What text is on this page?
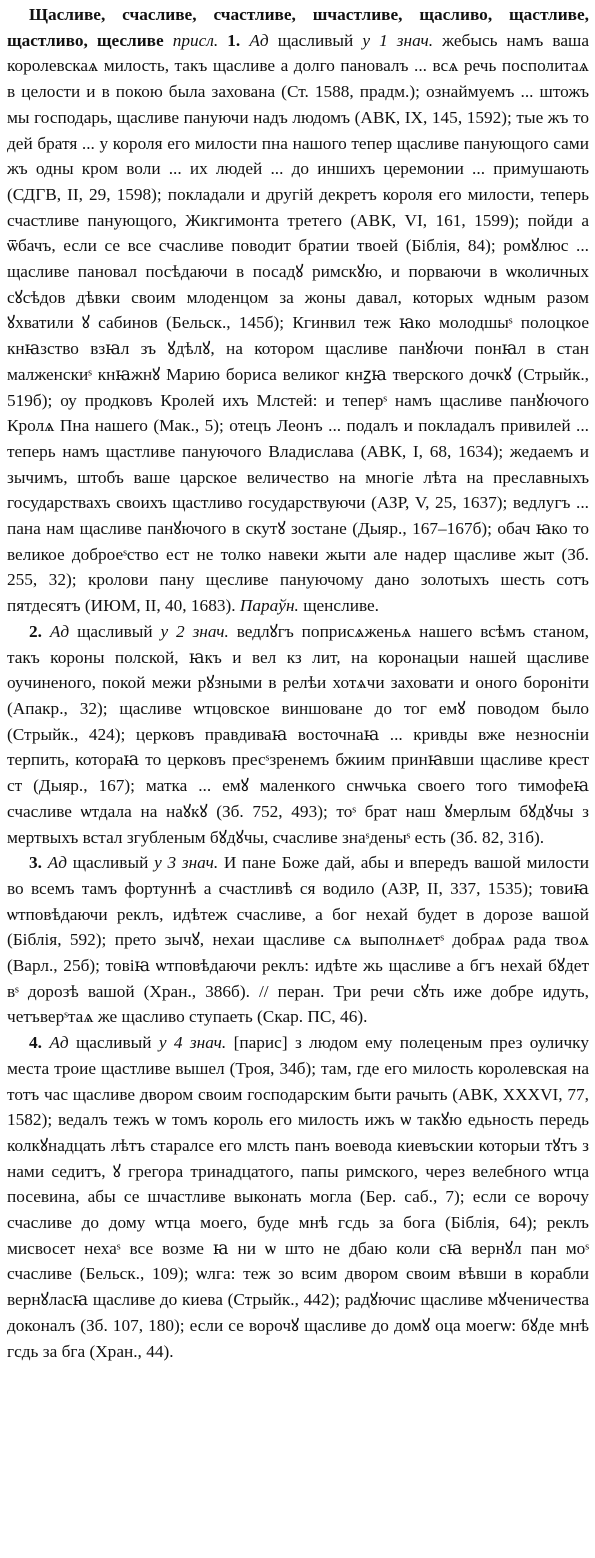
Щасливе, счасливе, счастливе, шчастливе, щасливо, щастливе, щастливо, щесливе присл. 1. Ад щасливый у 1 знач. жебысь намъ ваша королевскаѧ милость, такъ щасливе а долго пановалъ ... всѧ речь посполитаѧ в целости и в покою была захована (Ст. 1588, прадм.); ознаймуемъ ... штожъ мы господарь, щасливе пануючи надъ людомъ (АВК, IX, 145, 1592); тые жъ то дей братя ... у короля его милости пна нашого тепер щасливе панующого сами жъ одны кром воли ... их людей ... до иншихъ церемонии ... примушають (СДГВ, II, 29, 1598); покладали и другій декретъ короля его милости, теперь счастливе панующого, Жикгимонта третего (АВК, VI, 161, 1599); пойди а ѿбачъ, если се все счасливе поводит братии твоей (Біблія, 84); ромꙋлюс ... щасливе пановал посѣдаючи в посадꙋ римскꙋю, и порваючи в ѡколичных сꙋсѣдов дѣвки своим млоденцом за жоны давал, которых ѡдным разом ꙋхватили ꙋ сабинов (Бельск., 145б); Кгинвил теж ꙗко молодшыˢ полоцкое кнꙗзство взꙗл зъ ꙋдѣлꙋ, на котором щасливе панꙋючи понꙗл в стан малженскиˢ кнꙗжнꙋ Марию бориса великог кнꙁꙗ тверского дочкꙋ (Стрыйк., 519б); оу продковъ Кролей ихъ Млстей: и тeперˢ намъ щасливе панꙋючого Кролѧ Пна нашего (Мак., 5); отецъ Леонъ ... подалъ и покладалъ привилей ... теперь намъ щастливе пануючого Владислава (АВК, I, 68, 1634); жедаемъ и зычимъ, штобъ ваше царское величество на многіе лѣта на преславныхъ государствахъ своихъ щастливо государствуючи (АЗР, V, 25, 1637); ведлугъ ... пана нам щасливе панꙋючого в скутꙋ зостане (Дыяр., 167–167б); обач ꙗко то великое доброеˢство ест не толко навеки жыти але надер щасливе жыт (Зб. 255, 32); кролови пану щесливе пануючому дано золотыхъ шесть сотъ пятдесятъ (ИЮМ, II, 40, 1683). Параўн. щенсливе.

2. Ад щасливый у 2 знач. ведлꙋгъ поприсѧженьѧ нашего всѣмъ станом, такъ короны полской, ꙗкъ и вел кз лит, на коронацыи нашей щасливе оучиненого, покой межи рꙋзными в релѣи хотѧчи заховати и оного бороніти (Апакр., 32); щасливе ѡтцовское виншоване до тог емꙋ поводом было (Стрыйк., 424); церковъ правдиваꙗ восточнаꙗ ... кривды вже незноснiи терпить, котораꙗ то церковъ пресˢзренемъ бжиим принꙗвши щасливе крест ст (Дыяр., 167); матка ... емꙋ маленкого снѡчька своего того тимофеꙗ счасливе ѡтдала на наꙋкꙋ (Зб. 752, 493); тоˢ брат наш ꙋмерлым бꙋдꙋчы з мертвыхъ встал згубленым бꙋдꙋчы, счасливе знаˢденыˢ есть (Зб. 82, 31б).

3. Ад щасливый у 3 знач. И пане Боже дай, абы и впередъ вашой милости во всемъ тамъ фортуннѣ а счастливѣ ся водило (АЗР, II, 337, 1535); товиꙗ ѡтповѣдаючи реклъ, идѣтеж счасливе, а бог нехай будет в дорозе вашой (Біблія, 592); прето зычꙋ, нехаи щасливе сѧ выполнѧетˢ добраѧ рада твоѧ (Варл., 25б); товіꙗ ѡтповѣдаючи реклъ: идѣте жь щасливе а бгъ нехай бꙋдет вˢ дорозѣ вашой (Хран., 386б). // перан. Три речи сꙋть иже добре идуть, четъверˢтаѧ же щасливо ступаеть (Скар. ПС, 46).

4. Ад щасливый у 4 знач. [парис] з людом ему полеценым през оуличку места троие щастливе вышел (Троя, 34б); там, где его милость королевская на тотъ час щасливе двором своим господарским быти рачыть (АВК, XXXVI, 77, 1582); ведалъ тежъ ѡ томъ король его милость ижъ ѡ такꙋю едьность передь колкꙋнадцать лѣтъ старалсе его млсть панъ воевода киевъскии которыи тꙋтъ з нами седитъ, ꙋ грегора тринадцатого, папы римского, через велебного ѡтца посевина, абы се шчастливе выконать могла (Бер. саб., 7); если се ворочу счасливе до дому ѡтца моего, буде мнѣ гсдь за бога (Біблія, 64); реклъ мисвосет нехаˢ все возме ꙗ ни ѡ што не дбаю коли сꙗ вернꙋл пан моˢ счасливе (Бельск., 109); ѡлга: теж зо всим двором своим вѣвши в корабли вернꙋласꙗ щасливе до киева (Стрыйк., 442); радꙋючис щасливе мꙋченичества доконалъ (Зб. 107, 180); если се ворочꙋ щасливе до домꙋ оца моегѡ: бꙋде мнѣ гсдь за бга (Хран., 44).
